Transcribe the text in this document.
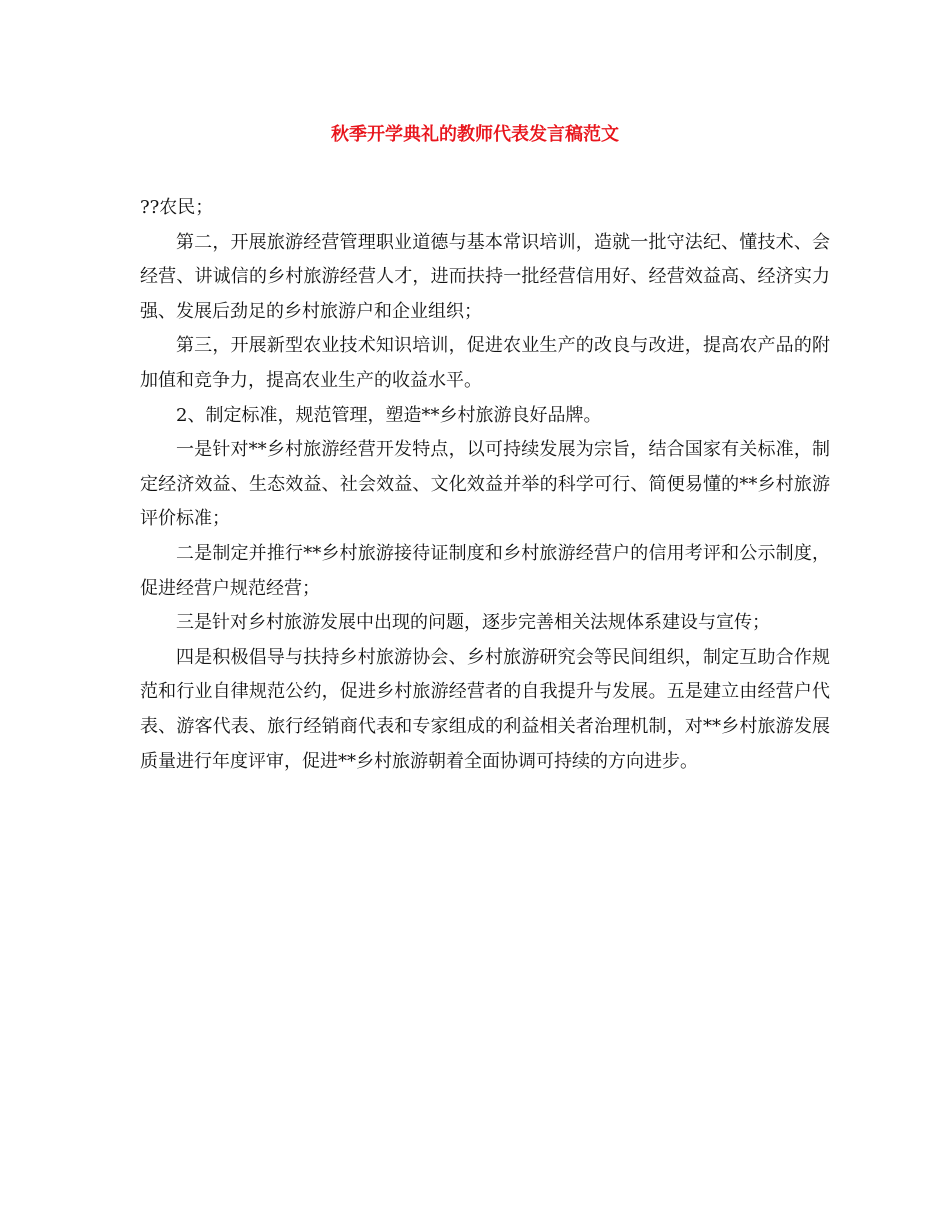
秋季开学典礼的教师代表发言稿范文

??农民；

第二，开展旅游经营管理职业道德与基本常识培训，造就一批守法纪、懂技术、会经营、讲诚信的乡村旅游经营人才，进而扶持一批经营信用好、经营效益高、经济实力强、发展后劲足的乡村旅游户和企业组织；

第三，开展新型农业技术知识培训，促进农业生产的改良与改进，提高农产品的附加值和竞争力，提高农业生产的收益水平。

2、制定标准，规范管理，塑造**乡村旅游良好品牌。

一是针对**乡村旅游经营开发特点，以可持续发展为宗旨，结合国家有关标准，制定经济效益、生态效益、社会效益、文化效益并举的科学可行、简便易懂的**乡村旅游评价标准；

二是制定并推行**乡村旅游接待证制度和乡村旅游经营户的信用考评和公示制度，促进经营户规范经营；

三是针对乡村旅游发展中出现的问题，逐步完善相关法规体系建设与宣传；

四是积极倡导与扶持乡村旅游协会、乡村旅游研究会等民间组织，制定互助合作规范和行业自律规范公约，促进乡村旅游经营者的自我提升与发展。五是建立由经营户代表、游客代表、旅行经销商代表和专家组成的利益相关者治理机制，对**乡村旅游发展质量进行年度评审，促进**乡村旅游朝着全面协调可持续的方向进步。
